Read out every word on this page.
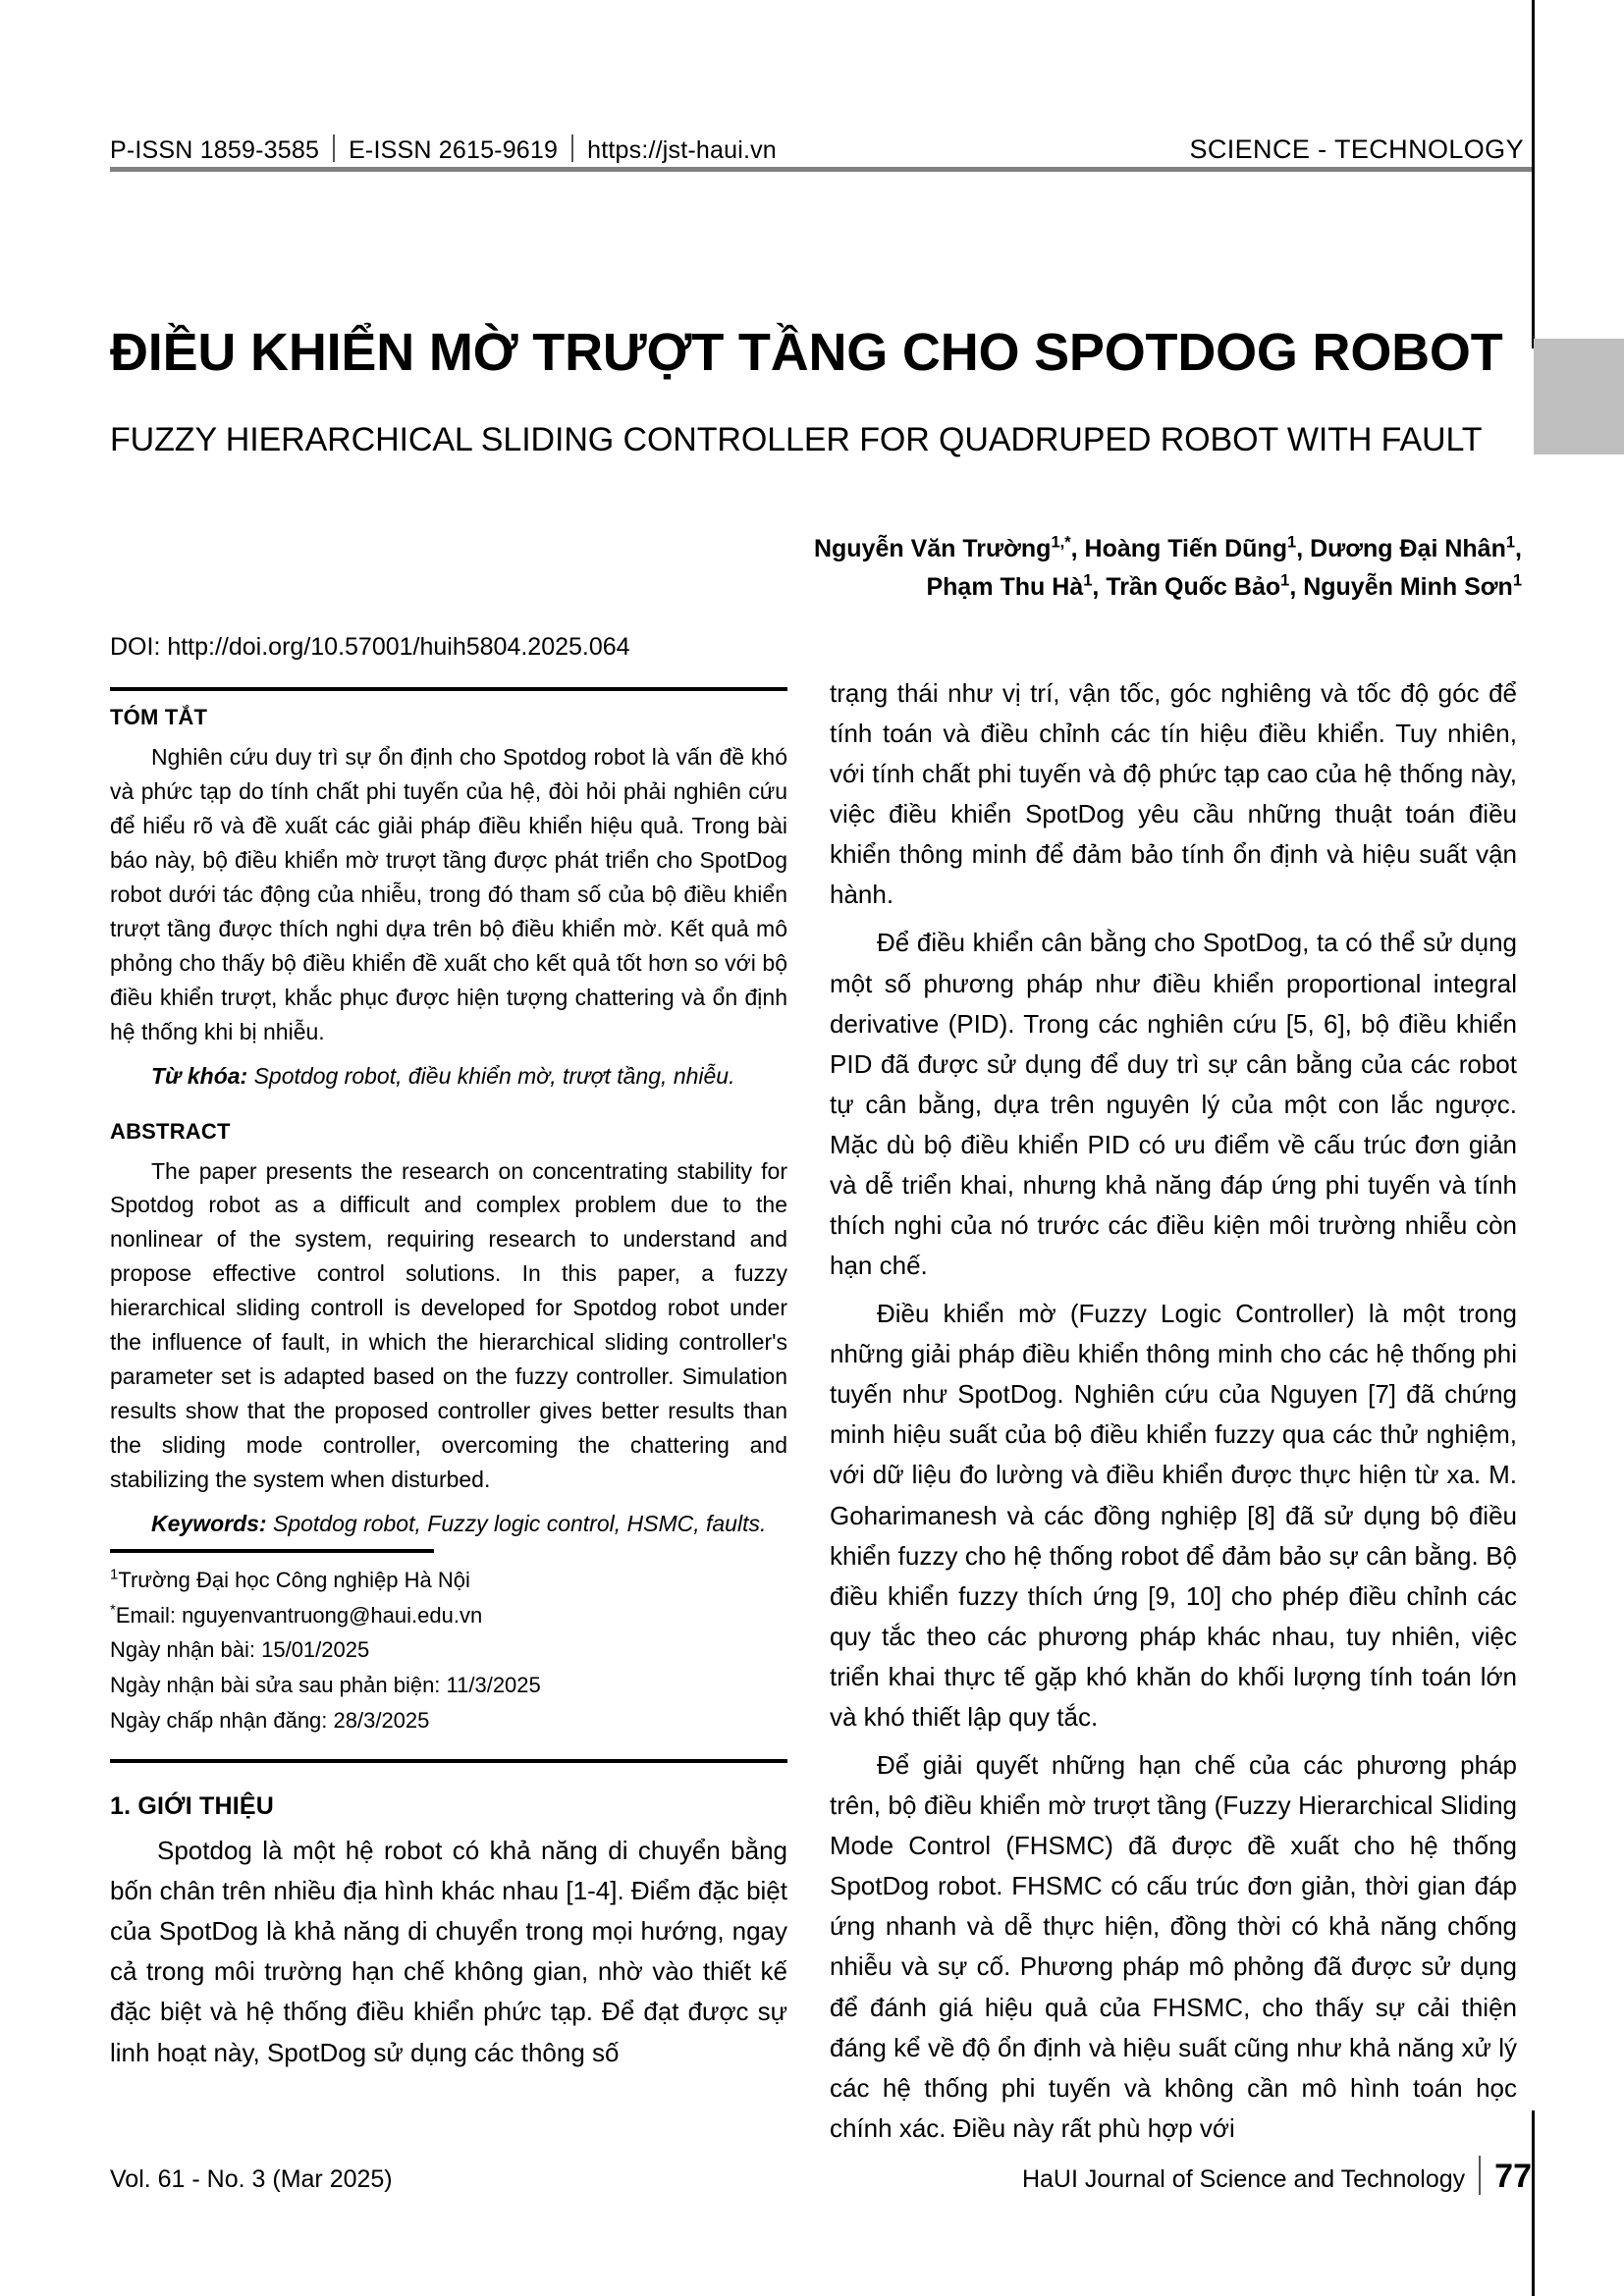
P-ISSN 1859-3585 E-ISSN 2615-9619 https://jst-haui.vn	SCIENCE - TECHNOLOGY
ĐIỀU KHIỂN MỜ TRƯỢT TẦNG CHO SPOTDOG ROBOT
FUZZY HIERARCHICAL SLIDING CONTROLLER FOR QUADRUPED ROBOT WITH FAULT
Nguyễn Văn Trường$^{1,*}$, Hoàng Tiến Dũng$^1$, Dương Đại Nhân$^1$,
Phạm Thu $Hà^1$, Trần Quốc Bảo$^1$, Nguyễn Minh Sơn$^1$
DOI: http://doi.org/10.57001/huih5804.2025.064
TÓM TẮT

Nghiên cứu duy trì sự ổn định cho Spotdog robot là vấn đề khó và phức tạp do tính chất phi tuyến của hệ, đòi hỏi phải nghiên cứu để hiểu rõ và đề xuất các giải pháp điều khiển hiệu quả. Trong bài báo này, bộ điều khiển mờ trượt tầng được phát triển cho SpotDog robot dưới tác động của nhiễu, trong đó tham số của bộ điều khiển trượt tầng được thích nghi dựa trên bộ điều khiển mờ. Kết quả mô phỏng cho thấy bộ điều khiển đề xuất cho kết quả tốt hơn so với bộ điều khiển trượt, khắc phục được hiện tượng chattering và ổn định hệ thống khi bị nhiễu.

Từ khóa: Spotdog robot, điều khiển mờ, trượt tầng, nhiễu.

ABSTRACT

The paper presents the research on concentrating stability for Spotdog robot as a difficult and complex problem due to the nonlinear of the system, requiring research to understand and propose effective control solutions. In this paper, a fuzzy hierarchical sliding controll is developed for Spotdog robot under the influence of fault, in which the hierarchical sliding controller's parameter set is adapted based on the fuzzy controller. Simulation results show that the proposed controller gives better results than the sliding mode controller, overcoming the chattering and stabilizing the system when disturbed.

Keywords: Spotdog robot, Fuzzy logic control, HSMC, faults.

$^1$Trường Đại học Công nghiệp Hà Nội
*Email: nguyenvantruong@haui.edu.vn
Ngày nhận bài: 15/01/2025
Ngày nhận bài sửa sau phản biện: 11/3/2025
Ngày chấp nhận đăng: 28/3/2025
1. GIỚI THIỆU

Spotdog là một hệ robot có khả năng di chuyển bằng bốn chân trên nhiều địa hình khác nhau [1-4]. Điểm đặc biệt của SpotDog là khả năng di chuyển trong mọi hướng, ngay cả trong môi trường hạn chế không gian, nhờ vào thiết kế đặc biệt và hệ thống điều khiển phức tạp. Để đạt được sự linh hoạt này, SpotDog sử dụng các thông số

trạng thái như vị trí, vận tốc, góc nghiêng và tốc độ góc để tính toán và điều chỉnh các tín hiệu điều khiển. Tuy nhiên, với tính chất phi tuyến và độ phức tạp cao của hệ thống này, việc điều khiển SpotDog yêu cầu những thuật toán điều khiển thông minh để đảm bảo tính ổn định và hiệu suất vận hành.

Để điều khiển cân bằng cho SpotDog, ta có thể sử dụng một số phương pháp như điều khiển proportional integral derivative (PID). Trong các nghiên cứu [5, 6], bộ điều khiển PID đã được sử dụng để duy trì sự cân bằng của các robot tự cân bằng, dựa trên nguyên lý của một con lắc ngược. Mặc dù bộ điều khiển PID có ưu điểm về cấu trúc đơn giản và dễ triển khai, nhưng khả năng đáp ứng phi tuyến và tính thích nghi của nó trước các điều kiện môi trường nhiễu còn hạn chế.

Điều khiển mờ (Fuzzy Logic Controller) là một trong những giải pháp điều khiển thông minh cho các hệ thống phi tuyến như SpotDog. Nghiên cứu của Nguyen [7] đã chứng minh hiệu suất của bộ điều khiển fuzzy qua các thử nghiệm, với dữ liệu đo lường và điều khiển được thực hiện từ xa. M. Goharimanesh và các đồng nghiệp [8] đã sử dụng bộ điều khiển fuzzy cho hệ thống robot để đảm bảo sự cân bằng. Bộ điều khiển fuzzy thích ứng [9, 10] cho phép điều chỉnh các quy tắc theo các phương pháp khác nhau, tuy nhiên, việc triển khai thực tế gặp khó khăn do khối lượng tính toán lớn và khó thiết lập quy tắc.

Để giải quyết những hạn chế của các phương pháp trên, bộ điều khiển mờ trượt tầng (Fuzzy Hierarchical Sliding Mode Control (FHSMC) đã được đề xuất cho hệ thống SpotDog robot. FHSMC có cấu trúc đơn giản, thời gian đáp ứng nhanh và dễ thực hiện, đồng thời có khả năng chống nhiễu và sự cố. Phương pháp mô phỏng đã được sử dụng để đánh giá hiệu quả của FHSMC, cho thấy sự cải thiện đáng kể về độ ổn định và hiệu suất cũng như khả năng xử lý các hệ thống phi tuyến và không cần mô hình toán học chính xác. Điều này rất phù hợp với

Vol. 61 - No. 3 (Mar 2025)	HaUI Journal of Science and Technology 77
